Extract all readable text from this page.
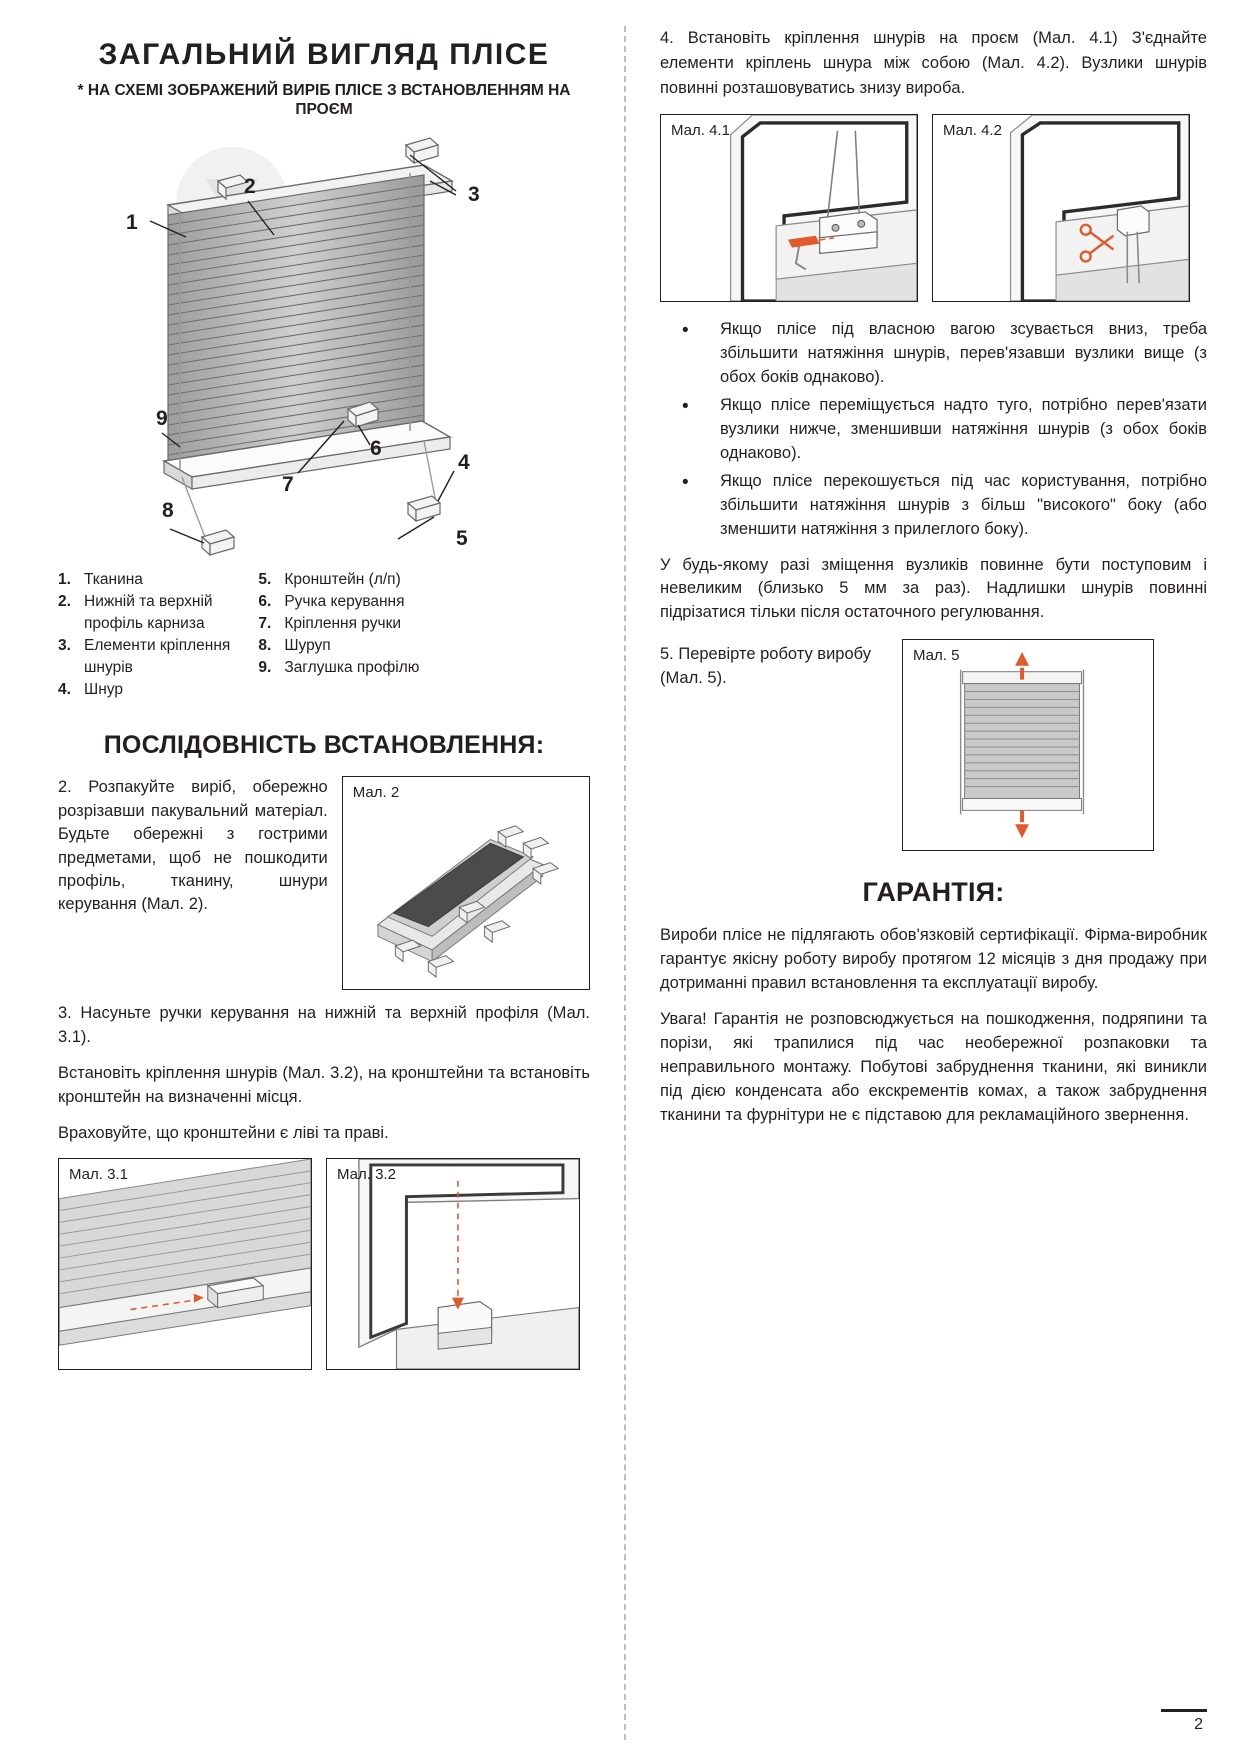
ЗАГАЛЬНИЙ ВИГЛЯД ПЛІСЕ
* НА СХЕМІ ЗОБРАЖЕНИЙ ВИРІБ ПЛІСЕ З ВСТАНОВЛЕННЯМ НА ПРОЄМ
1
2	3
4
5
6
7
8
9
1. Тканина
2. Нижній та верхній
профіль карниза
3. Елементи кріплення
шнурів
4. Шнур
5. Кронштейн (л/п)
6. Ручка керування
7. Кріплення ручки
8. Шуруп
9. Заглушка профілю
ПОСЛІДОВНІСТЬ ВСТАНОВЛЕННЯ:
2. Розпакуйте виріб, обережно розрізавши пакувальний матеріал. Будьте обережні з гострими предметами, щоб не пошкодити профіль, тканину, шнури керування (Мал. 2).
Мал. 2
3. Насуньте ручки керування на нижній та верхній профіля (Мал. 3.1).
Встановіть кріплення шнурів (Мал. 3.2), на кронштейни та встановіть кронштейн на визначенні місця.
Враховуйте, що кронштейни є ліві та праві.
Мал. 3.1	Мал. 3.2
4. Встановіть кріплення шнурів на проєм (Мал. 4.1) З'єднайте елементи кріплень шнура між собою (Мал. 4.2). Вузлики шнурів повинні розташовуватись знизу виробa.
Мал. 4.1	Мал. 4.2
• Якщо пліcе під власною вагою зсувається вниз, треба збільшити натяжіння шнурів, перев'язавши вузлики вище (з обох боків однаково).
• Якщо пліcе переміщується надто туго, потрібно перев'язати вузлики нижче, зменшивши натяжіння шнурів (з обох боків однаково).
• Якщо пліcе перекошується під час користування, потрібно збільшити натяжіння шнурів з більш "високого" боку (або зменшити натяжіння з прилеглого боку).
У будь-якому разі зміщення вузликів повинне бути поступовим і невеликим (близько 5 мм за раз). Надлишки шнурів повинні підрізатися тільки після остаточного регулювання.
5. Перевірте роботу виробу (Мал. 5).
Мал. 5
ГАРАНТІЯ:
Вироби пліcе не підлягають обов'язковій сертифікації. Фірма-виробник гарантує якісну роботу виробу протягом 12 місяців з дня продажу при дотриманні правил встановлення та експлуатації виробу.
Увага! Гарантія не розповсюджується на пошкодження, подряпини та порізи, які трапилися під час необережної розпаковки та неправильного монтажу. Побутові забруднення тканини, які виникли під дією конденсата або екскрементів комах, а також забруднення тканини та фурнітури не є підставою для рекламаційного звернення.
2
